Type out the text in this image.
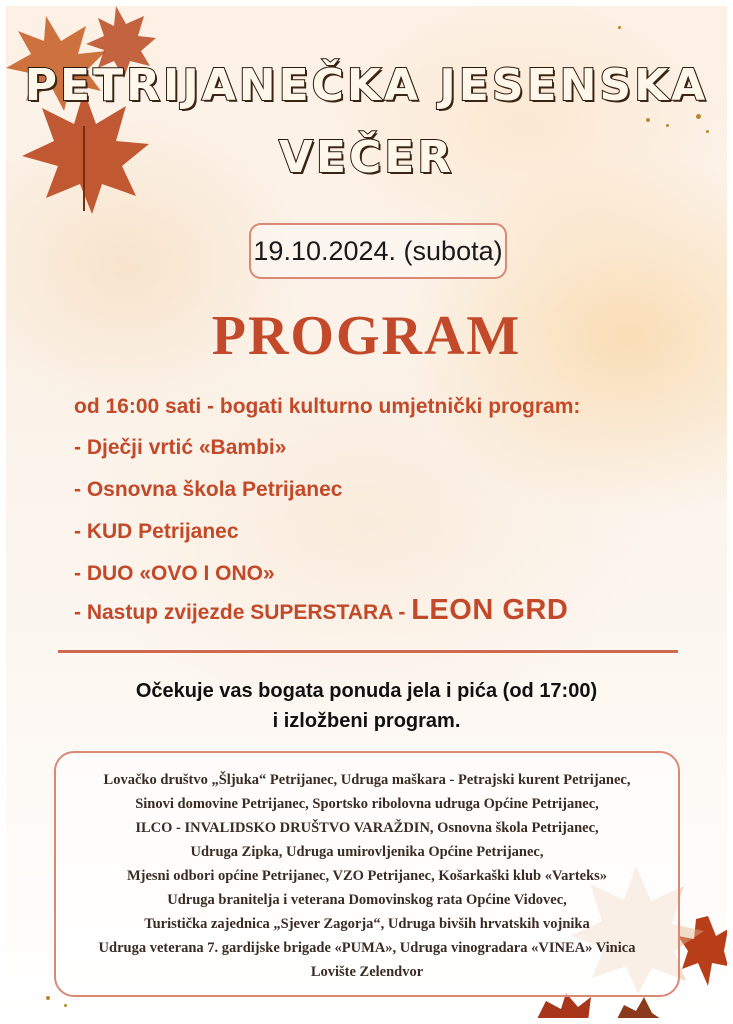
PETRIJANEČKA JESENSKA
VEČER
19.10.2024. (subota)
PROGRAM
od 16:00 sati - bogati kulturno umjetnički program:
- Dječji vrtić «Bambi»
- Osnovna škola Petrijanec
- KUD Petrijanec
- DUO «OVO I ONO»
- Nastup zvijezde SUPERSTARA - LEON GRD
Očekuje vas bogata ponuda jela i pića (od 17:00)
i izložbeni program.
Lovačko društvo „Šljuka“ Petrijanec, Udruga maškara - Petrajski kurent Petrijanec,
Sinovi domovine Petrijanec, Sportsko ribolovna udruga Općine Petrijanec,
ILCO - INVALIDSKO DRUŠTVO VARAŽDIN, Osnovna škola Petrijanec,
Udruga Zipka, Udruga umirovljenika Općine Petrijanec,
Mjesni odbori općine Petrijanec, VZO Petrijanec, Košarkaški klub «Varteks»
Udruga branitelja i veterana Domovinskog rata Općine Vidovec,
Turistička zajednica „Sjever Zagorja“, Udruga bivših hrvatskih vojnika
Udruga veterana 7. gardijske brigade «PUMA», Udruga vinogradara «VINEA» Vinica
Lovište Zelendvor
